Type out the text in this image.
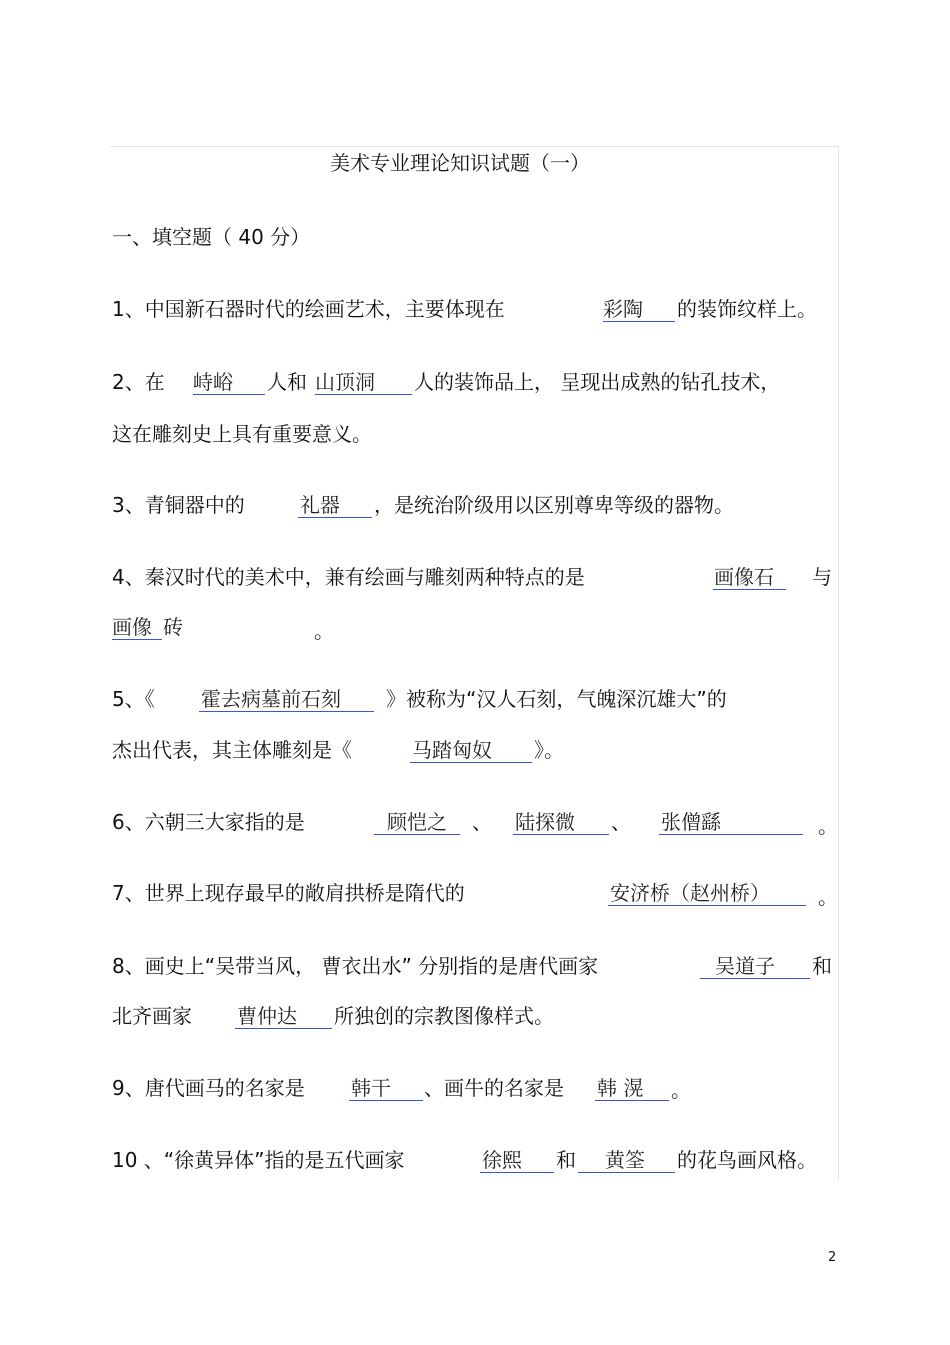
美术专业理论知识试题（一）
一、填空题（ 40 分）
1、中国新石器时代的绘画艺术，主要体现在	彩陶 的装饰纹样上。
2、在 峙峪 人和 山顶洞 人的装饰品上， 呈现出成熟的钻孔技术，
这在雕刻史上具有重要意义。
3、青铜器中的	礼器 ，是统治阶级用以区别尊卑等级的器物。
4、秦汉时代的美术中，兼有绘画与雕刻两种特点的是	画像石 与
画像 砖	。
5、《 霍去病墓前石刻 》被称为“汉人石刻，气魄深沉雄大”的
杰出代表，其主体雕刻是《	马踏匈奴 》。
6、六朝三大家指的是	顾恺之 、 陆探微 、 张僧繇	。
7、世界上现存最早的敞肩拱桥是隋代的	安济桥（赵州桥） 。
8、画史上“吴带当风， 曹衣出水” 分别指的是唐代画家	吴道子 和
北齐画家 曹仲达 所独创的宗教图像样式。
9、唐代画马的名家是 韩干 、画牛的名家是 韩 滉 。
10 、“徐黄异体”指的是五代画家	徐熙 和 黄筌 的花鸟画风格。
2
